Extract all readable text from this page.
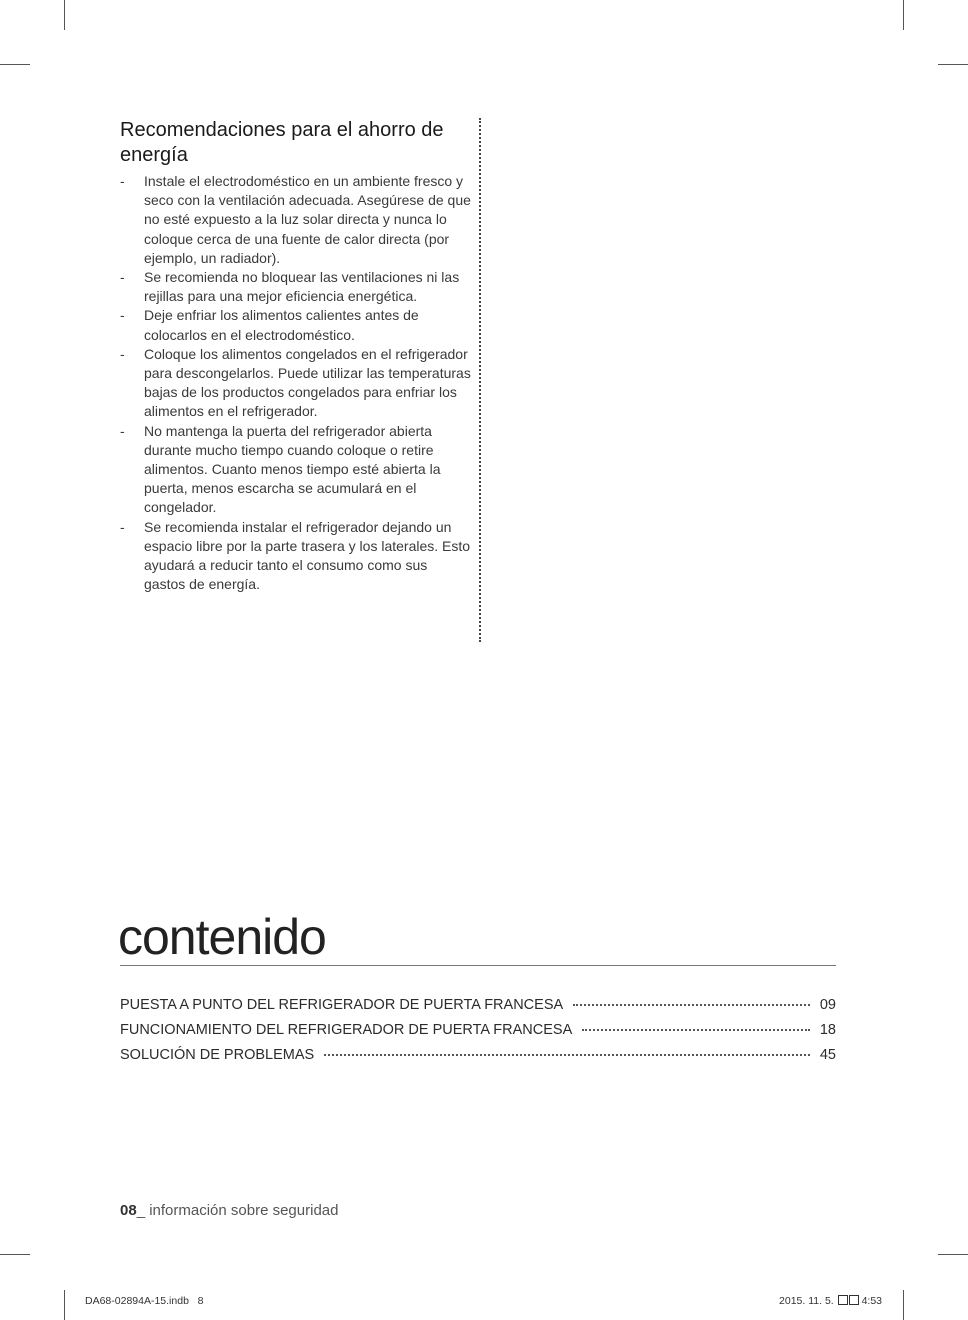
Recomendaciones para el ahorro de energía
- Instale el electrodoméstico en un ambiente fresco y seco con la ventilación adecuada. Asegúrese de que no esté expuesto a la luz solar directa y nunca lo coloque cerca de una fuente de calor directa (por ejemplo, un radiador).
- Se recomienda no bloquear las ventilaciones ni las rejillas para una mejor eficiencia energética.
- Deje enfriar los alimentos calientes antes de colocarlos en el electrodoméstico.
- Coloque los alimentos congelados en el refrigerador para descongelarlos. Puede utilizar las temperaturas bajas de los productos congelados para enfriar los alimentos en el refrigerador.
- No mantenga la puerta del refrigerador abierta durante mucho tiempo cuando coloque o retire alimentos. Cuanto menos tiempo esté abierta la puerta, menos escarcha se acumulará en el congelador.
- Se recomienda instalar el refrigerador dejando un espacio libre por la parte trasera y los laterales. Esto ayudará a reducir tanto el consumo como sus gastos de energía.
contenido
PUESTA A PUNTO DEL REFRIGERADOR DE PUERTA FRANCESA	09
FUNCIONAMIENTO DEL REFRIGERADOR DE PUERTA FRANCESA	18
SOLUCIÓN DE PROBLEMAS	45
08_ información sobre seguridad
DA68-02894A-15.indb   8	2015. 11. 5.	4:53
